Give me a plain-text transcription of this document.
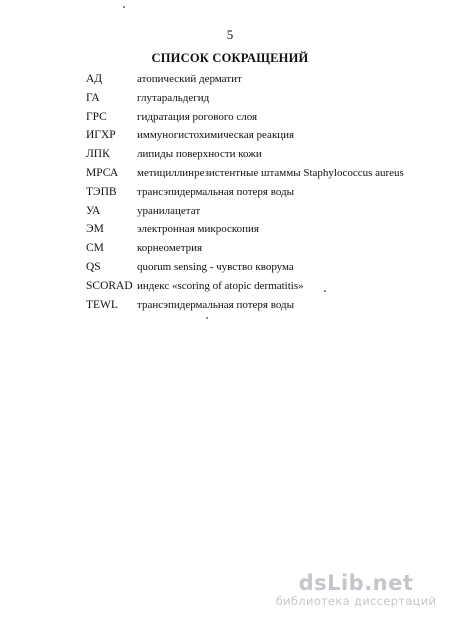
5
СПИСОК СОКРАЩЕНИЙ
АД	атопический дерматит
ГА	глутаральдегид
ГРС	гидратация рогового слоя
ИГХР иммуногистохимическая реакция
ЛПК липиды поверхности кожи
МРСА метициллинрезистентные штаммы Staphylococcus aureus
ТЭПВ трансэпидермальная потеря воды
УА	уранилацетат
ЭМ	электронная микроскопия
CM	корнеометрия
QS	quorum sensing - чувство кворума
SCORAD индекс «scoring of atopic dermatitis»
TEWL трансэпидермальная потеря воды
dsLib.net
библиотека диссертаций
